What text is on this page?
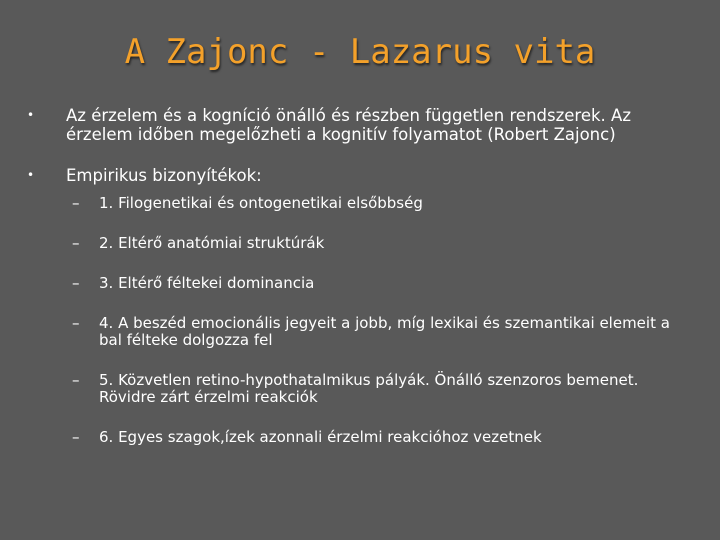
A Zajonc - Lazarus vita
• Az érzelem és a kogníció önálló és részben független rendszerek. Az érzelem időben megelőzheti a kognitív folyamatot (Robert Zajonc)
• Empirikus bizonyítékok:
– 1. Filogenetikai és ontogenetikai elsőbbség
– 2. Eltérő anatómiai struktúrák
– 3. Eltérő féltekei dominancia
– 4. A beszéd emocionális jegyeit a jobb, míg lexikai és szemantikai elemeit a bal félteke dolgozza fel
– 5. Közvetlen retino-hypothatalmikus pályák. Önálló szenzoros bemenet. Rövidre zárt érzelmi reakciók
– 6. Egyes szagok,ízek azonnali érzelmi reakcióhoz vezetnek
